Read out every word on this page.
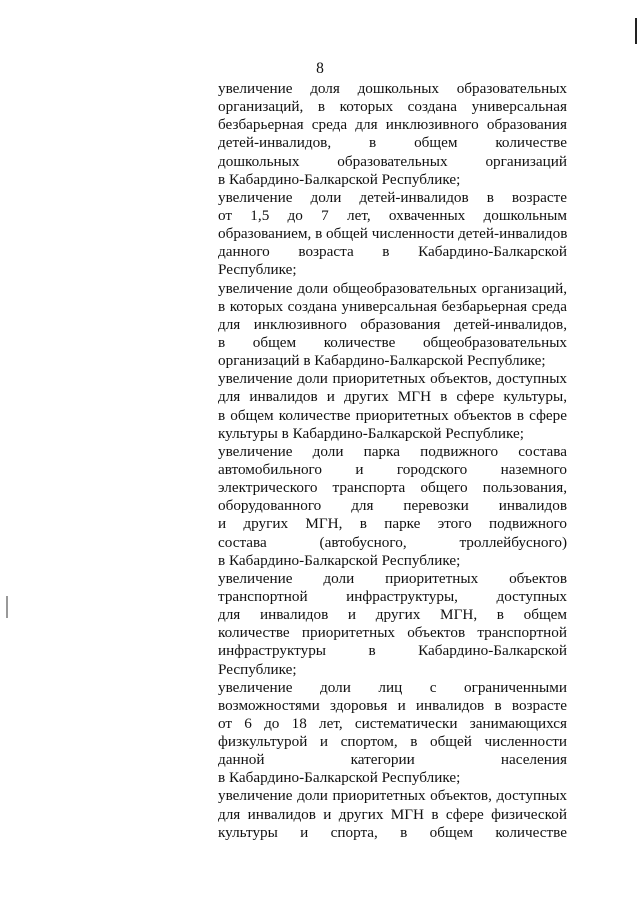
8
увеличение доля дошкольных образовательных
организаций, в которых создана универсальная
безбарьерная среда для инклюзивного образования
детей-инвалидов, в общем количестве
дошкольных образовательных организаций
в Кабардино-Балкарской Республике;
увеличение доли детей-инвалидов в возрасте
от 1,5 до 7 лет, охваченных дошкольным
образованием, в общей численности детей-инвалидов
данного возраста в Кабардино-Балкарской
Республике;
увеличение доли общеобразовательных организаций,
в которых создана универсальная безбарьерная среда
для инклюзивного образования детей-инвалидов,
в общем количестве общеобразовательных
организаций в Кабардино-Балкарской Республике;
увеличение доли приоритетных объектов, доступных
для инвалидов и других МГН в сфере культуры,
в общем количестве приоритетных объектов в сфере
культуры в Кабардино-Балкарской Республике;
увеличение доли парка подвижного состава
автомобильного и городского наземного
электрического транспорта общего пользования,
оборудованного для перевозки инвалидов
и других МГН, в парке этого подвижного
состава (автобусного, троллейбусного)
в Кабардино-Балкарской Республике;
увеличение доли приоритетных объектов
транспортной инфраструктуры, доступных
для инвалидов и других МГН, в общем
количестве приоритетных объектов транспортной
инфраструктуры в Кабардино-Балкарской
Республике;
увеличение доли лиц с ограниченными
возможностями здоровья и инвалидов в возрасте
от 6 до 18 лет, систематически занимающихся
физкультурой и спортом, в общей численности
данной категории населения
в Кабардино-Балкарской Республике;
увеличение доли приоритетных объектов, доступных
для инвалидов и других МГН в сфере физической
культуры и спорта, в общем количестве
